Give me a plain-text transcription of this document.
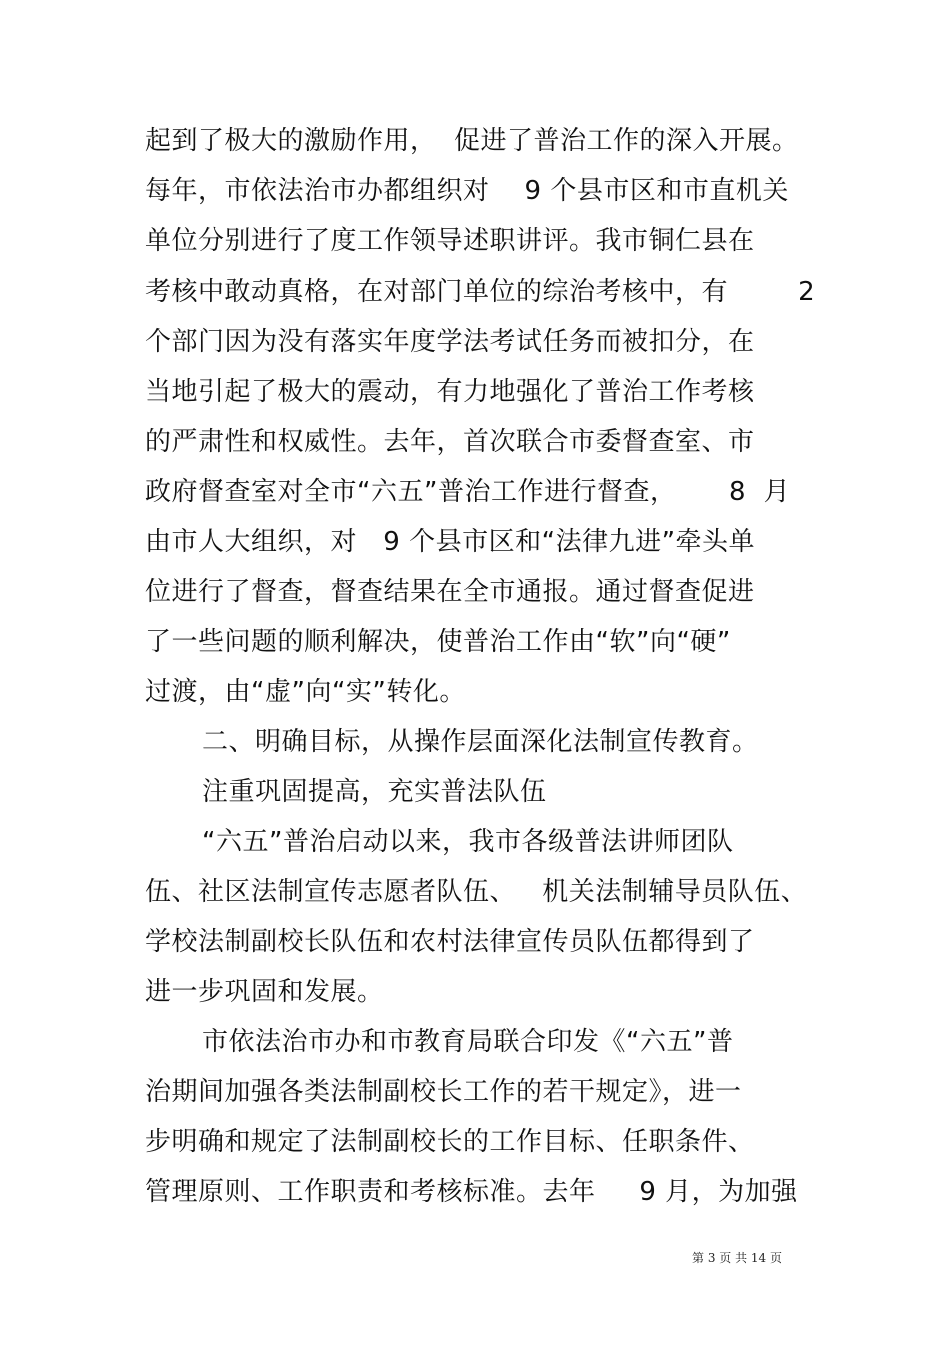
起到了极大的激励作用，  促进了普治工作的深入开展。
每年，市依法治市办都组织对    9 个县市区和市直机关
单位分别进行了度工作领导述职讲评。我市铜仁县在
考核中敢动真格，在对部门单位的综治考核中，有        2
个部门因为没有落实年度学法考试任务而被扣分，在
当地引起了极大的震动，有力地强化了普治工作考核
的严肃性和权威性。去年，首次联合市委督查室、市
政府督查室对全市“六五”普治工作进行督查，      8  月
由市人大组织，对   9 个县市区和“法律九进”牵头单
位进行了督查，督查结果在全市通报。通过督查促进
了一些问题的顺利解决，使普治工作由“软”向“硬”
过渡，由“虚”向“实”转化。
二、明确目标，从操作层面深化法制宣传教育。
注重巩固提高，充实普法队伍
“六五”普治启动以来，我市各级普法讲师团队
伍、社区法制宣传志愿者队伍、   机关法制辅导员队伍、
学校法制副校长队伍和农村法律宣传员队伍都得到了
进一步巩固和发展。
市依法治市办和市教育局联合印发《“六五”普
治期间加强各类法制副校长工作的若干规定》，进一
步明确和规定了法制副校长的工作目标、任职条件、
管理原则、工作职责和考核标准。去年     9 月，为加强
第 3 页 共 14 页
